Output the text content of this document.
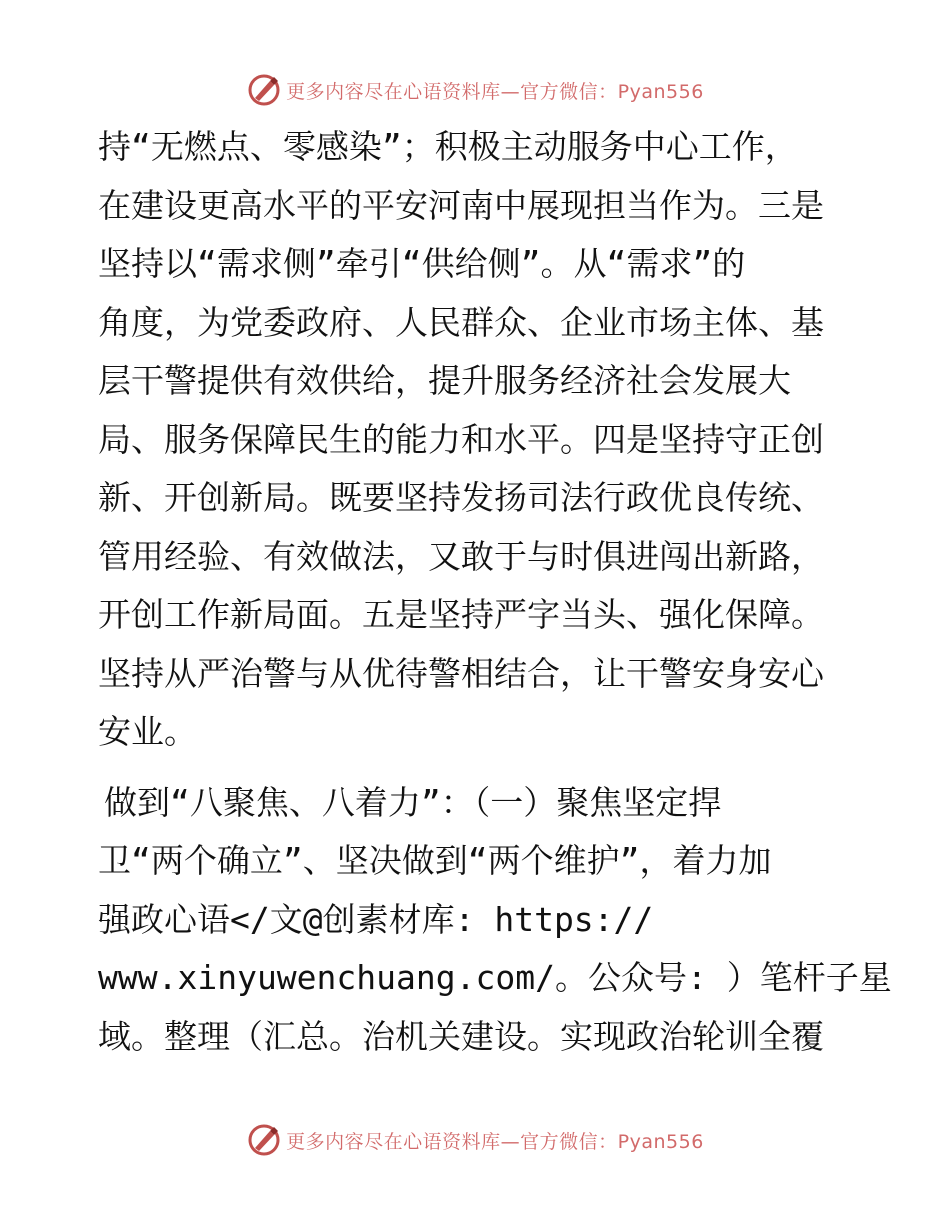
更多内容尽在心语资料库—官方微信：Pyan556
持“无燃点、零感染”；积极主动服务中心工作，
在建设更高水平的平安河南中展现担当作为。三是
坚持以“需求侧”牵引“供给侧”。从“需求”的
角度，为党委政府、人民群众、企业市场主体、基
层干警提供有效供给，提升服务经济社会发展大
局、服务保障民生的能力和水平。四是坚持守正创
新、开创新局。既要坚持发扬司法行政优良传统、
管用经验、有效做法，又敢于与时俱进闯出新路，
开创工作新局面。五是坚持严字当头、强化保障。
坚持从严治警与从优待警相结合，让干警安身安心
安业。
做到“八聚焦、八着力”：（一）聚焦坚定捍
卫“两个确立”、坚决做到“两个维护”，着力加
强政心语</文@创素材库: https://
www.xinyuwenchuang.com/。公众号: ）笔杆子星
域。整理（汇总。治机关建设。实现政治轮训全覆
更多内容尽在心语资料库—官方微信：Pyan556
